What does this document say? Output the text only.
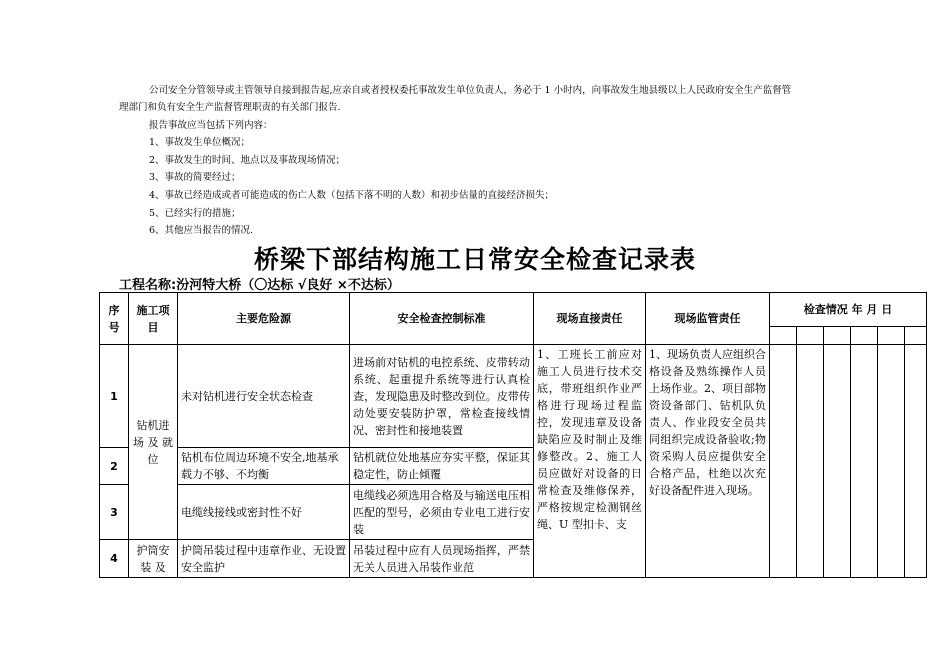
公司安全分管领导或主管领导自接到报告起,应亲自或者授权委托事故发生单位负责人，务必于 1 小时内，向事故发生地县级以上人民政府安全生产监督管

理部门和负有安全生产监督管理职责的有关部门报告.

报告事故应当包括下列内容：

1、事故发生单位概况；

2、事故发生的时间、地点以及事故现场情况；

3、事故的简要经过；

4、事故已经造成或者可能造成的伤亡人数（包括下落不明的人数）和初步估量的直接经济损失；

5、已经实行的措施；

6、其他应当报告的情况.

桥梁下部结构施工日常安全检查记录表
工程名称:汾河特大桥（〇达标 √良好 ×不达标）
序号	施工项目	主要危险源	安全检查控制标准	现场直接责任	现场监管责任	检查情况 年 月 日					

1	钻机进场 及 就 位	未对钻机进行安全状态检查	进场前对钻机的电控系统、皮带转动系统、起重提升系统等进行认真检查，发现隐患及时整改到位。皮带传动处要安装防护罩，常检查接线情况、密封性和接地装置	1、工班长工前应对施工人员进行技术交底，带班组织作业严格进行现场过程监控，发现违章及设备缺陷应及时制止及维修整改。2、施工人员应做好对设备的日常检查及维修保养，严格按规定检测钢丝绳、U 型扣卡、支	1、现场负责人应组织合格设备及熟练操作人员上场作业。2、项目部物资设备部门、钻机队负责人、作业段安全员共同组织完成设备验收;物资采购人员应提供安全合格产品，杜绝以次充好设备配件进入现场。						
2		钻机布位周边环境不安全,地基承载力不够、不均衡	钻机就位处地基应夯实平整，保证其稳定性，防止倾覆								
3		电缆线接线或密封性不好	电缆线必须选用合格及与输送电压相匹配的型号，必须由专业电工进行安装								
4	护筒安装 及	护筒吊装过程中违章作业、无设置安全监护	吊装过程中应有人员现场指挥，严禁无关人员进入吊装作业范								
